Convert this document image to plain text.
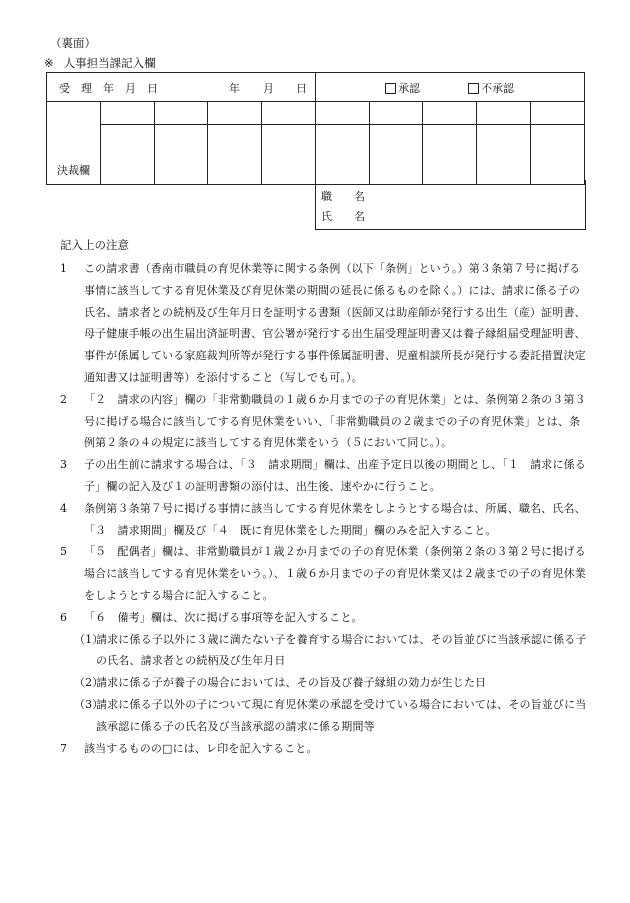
（裏面）
※ 人事担当課記入欄
受　理　年　月　日 年 月 日					承認 不承認				

決裁欄									

職 名
氏 名
記入上の注意
1 この請求書（香南市職員の育児休業等に関する条例（以下「条例」という。）第３条第７号に掲げる事情に該当してする育児休業及び育児休業の期間の延長に係るものを除く。）には、請求に係る子の氏名、請求者との続柄及び生年月日を証明する書類（医師又は助産師が発行する出生（産）証明書、母子健康手帳の出生届出済証明書、官公署が発行する出生届受理証明書又は養子縁組届受理証明書、事件が係属している家庭裁判所等が発行する事件係属証明書、児童相談所長が発行する委託措置決定通知書又は証明書等）を添付すること（写しでも可。）。
2 「２　請求の内容」欄の「非常勤職員の１歳６か月までの子の育児休業」とは、条例第２条の３第３号に掲げる場合に該当してする育児休業をいい、「非常勤職員の２歳までの子の育児休業」とは、条例第２条の４の規定に該当してする育児休業をいう（５において同じ。）。
3 子の出生前に請求する場合は、「３　請求期間」欄は、出産予定日以後の期間とし、「１　請求に係る子」欄の記入及び１の証明書類の添付は、出生後、速やかに行うこと。
4 条例第３条第７号に掲げる事情に該当してする育児休業をしようとする場合は、所属、職名、氏名、「３　請求期間」欄及び「４　既に育児休業をした期間」欄のみを記入すること。
5 「５　配偶者」欄は、非常勤職員が１歳２か月までの子の育児休業（条例第２条の３第２号に掲げる場合に該当してする育児休業をいう。）、１歳６か月までの子の育児休業又は２歳までの子の育児休業をしようとする場合に記入すること。
6 「６　備考」欄は、次に掲げる事項等を記入すること。
（1）請求に係る子以外に３歳に満たない子を養育する場合においては、その旨並びに当該承認に係る子の氏名、請求者との続柄及び生年月日
（2）請求に係る子が養子の場合においては、その旨及び養子縁組の効力が生じた日
（3）請求に係る子以外の子について現に育児休業の承認を受けている場合においては、その旨並びに当該承認に係る子の氏名及び当該承認の請求に係る期間等
7 該当するものの□には、レ印を記入すること。
